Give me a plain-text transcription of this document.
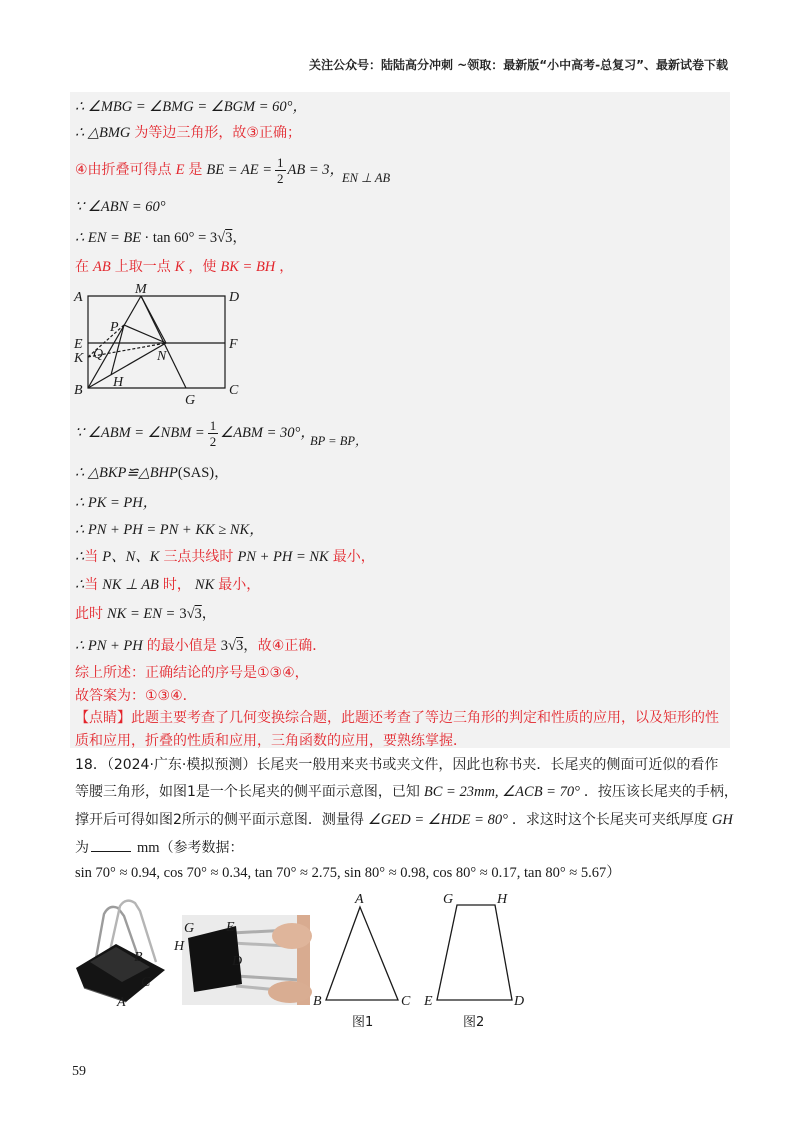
关注公众号：陆陆高分冲刺 ~领取：最新版“小中高考-总复习”、最新试卷下载
∴ ∠MBG = ∠BMG = ∠BGM = 60°，
∴ △BMG 为等边三角形，故③正确；
④由折叠可得点 E 是 BE = AE = $\frac{1}{2}$ AB = 3，
EN ⊥ AB
∵ ∠ABN = 60°
∴ EN = BE · tan 60° = 3√3，
在 AB 上取一点 K ，使 BK = BH ，
A
M
D
P
E
Q	N
F
K
H
B	C
G
∵ ∠ABM = ∠NBM = $\frac{1}{2}$ ∠ABM = 30°，
BP = BP，
∴ △BKP≌△BHP(SAS)，
∴ PK = PH，
∴ PN + PH = PN + KK ≥ NK，
∴当 P、N、K 三点共线时 PN + PH = NK 最小，
∴当 NK ⊥ AB 时， NK 最小，
此时 NK = EN = 3√3，
∴ PN + PH 的最小值是 3√3，故④正确．
综上所述：正确结论的序号是①③④，
故答案为：①③④．
【点睛】此题主要考查了几何变换综合题，此题还考查了等边三角形的判定和性质的应用，以及矩形的性
质和应用，折叠的性质和应用，三角函数的应用，要熟练掌握．
18．（2024·广东·模拟预测）长尾夹一般用来夹书或夹文件，因此也称书夹．长尾夹的侧面可近似的看作
等腰三角形，如图1是一个长尾夹的侧平面示意图，已知 BC = 23mm, ∠ACB = 70° ．按压该长尾夹的手柄，
撑开后可得如图2所示的侧平面示意图．测量得 ∠GED = ∠HDE = 80° ．求这时这个长尾夹可夹纸厚度 GH
为	mm（参考数据：
sin 70° ≈ 0.94, cos 70° ≈ 0.34, tan 70° ≈ 2.75, sin 80° ≈ 0.98, cos 80° ≈ 0.17, tan 80° ≈ 5.67）
B
C
A
G E
H
D
A
B	C
图1
G	H
E	D
图2
59
